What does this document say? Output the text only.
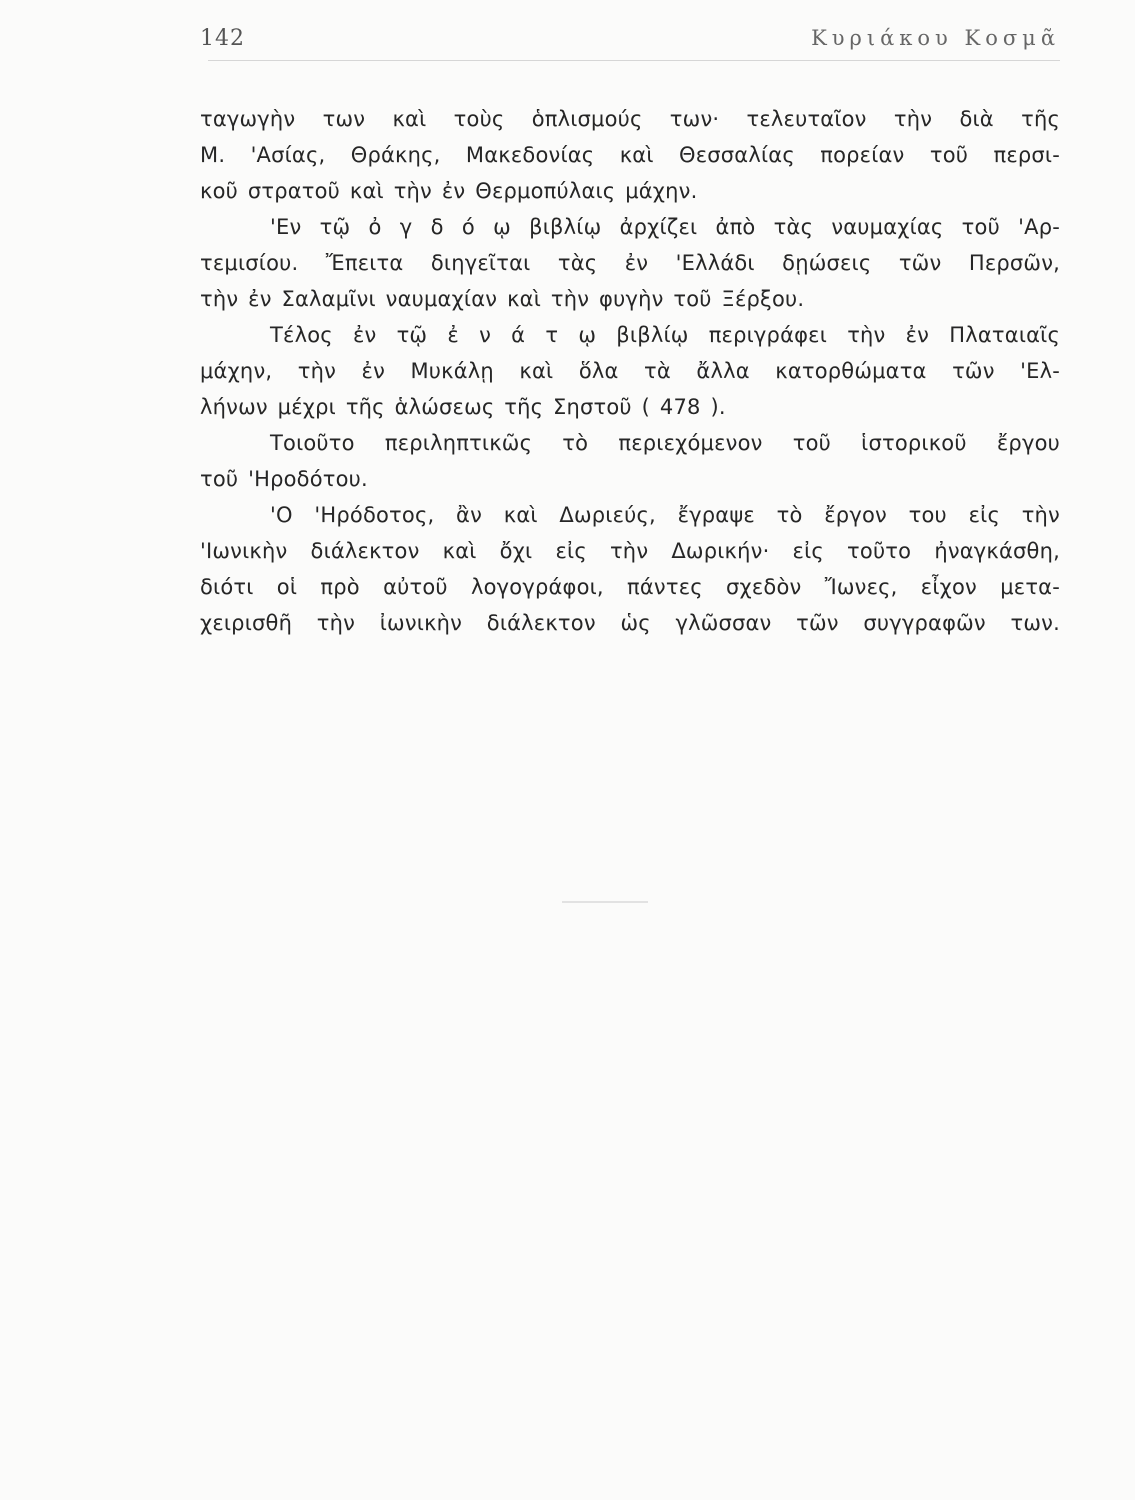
142	Κυριάκου Κοσμᾶ
ταγωγὴν των καὶ τοὺς ὁπλισμούς των· τελευταῖον τὴν διὰ τῆς
Μ. 'Ασίας, Θράκης, Μακεδονίας καὶ Θεσσαλίας πορείαν τοῦ περσι-
κοῦ στρατοῦ καὶ τὴν ἐν Θερμοπύλαις μάχην.
'Εν τῷ ὀ γ δ ό ῳ βιβλίῳ ἀρχίζει ἀπὸ τὰς ναυμαχίας τοῦ 'Αρ-
τεμισίου. Ἔπειτα διηγεῖται τὰς ἐν 'Ελλάδι δῃώσεις τῶν Περσῶν,
τὴν ἐν Σαλαμῖνι ναυμαχίαν καὶ τὴν φυγὴν τοῦ Ξέρξου.
Τέλος ἐν τῷ ἐ ν ά τ ῳ βιβλίῳ περιγράφει τὴν ἐν Πλαταιαῖς
μάχην, τὴν ἐν Μυκάλῃ καὶ ὅλα τὰ ἄλλα κατορθώματα τῶν 'Ελ-
λήνων μέχρι τῆς ἁλώσεως τῆς Σηστοῦ ( 478 ).
Τοιοῦτο περιληπτικῶς τὸ περιεχόμενον τοῦ ἱστορικοῦ ἔργου
τοῦ 'Ηροδότου.
'Ο 'Ηρόδοτος, ἂν καὶ Δωριεύς, ἔγραψε τὸ ἔργον του εἰς τὴν
'Ιωνικὴν διάλεκτον καὶ ὄχι εἰς τὴν Δωρικήν· εἰς τοῦτο ἠναγκάσθη,
διότι οἱ πρὸ αὐτοῦ λογογράφοι, πάντες σχεδὸν Ἴωνες, εἶχον μετα-
χειρισθῆ τὴν ἰωνικὴν διάλεκτον ὡς γλῶσσαν τῶν συγγραφῶν των.
